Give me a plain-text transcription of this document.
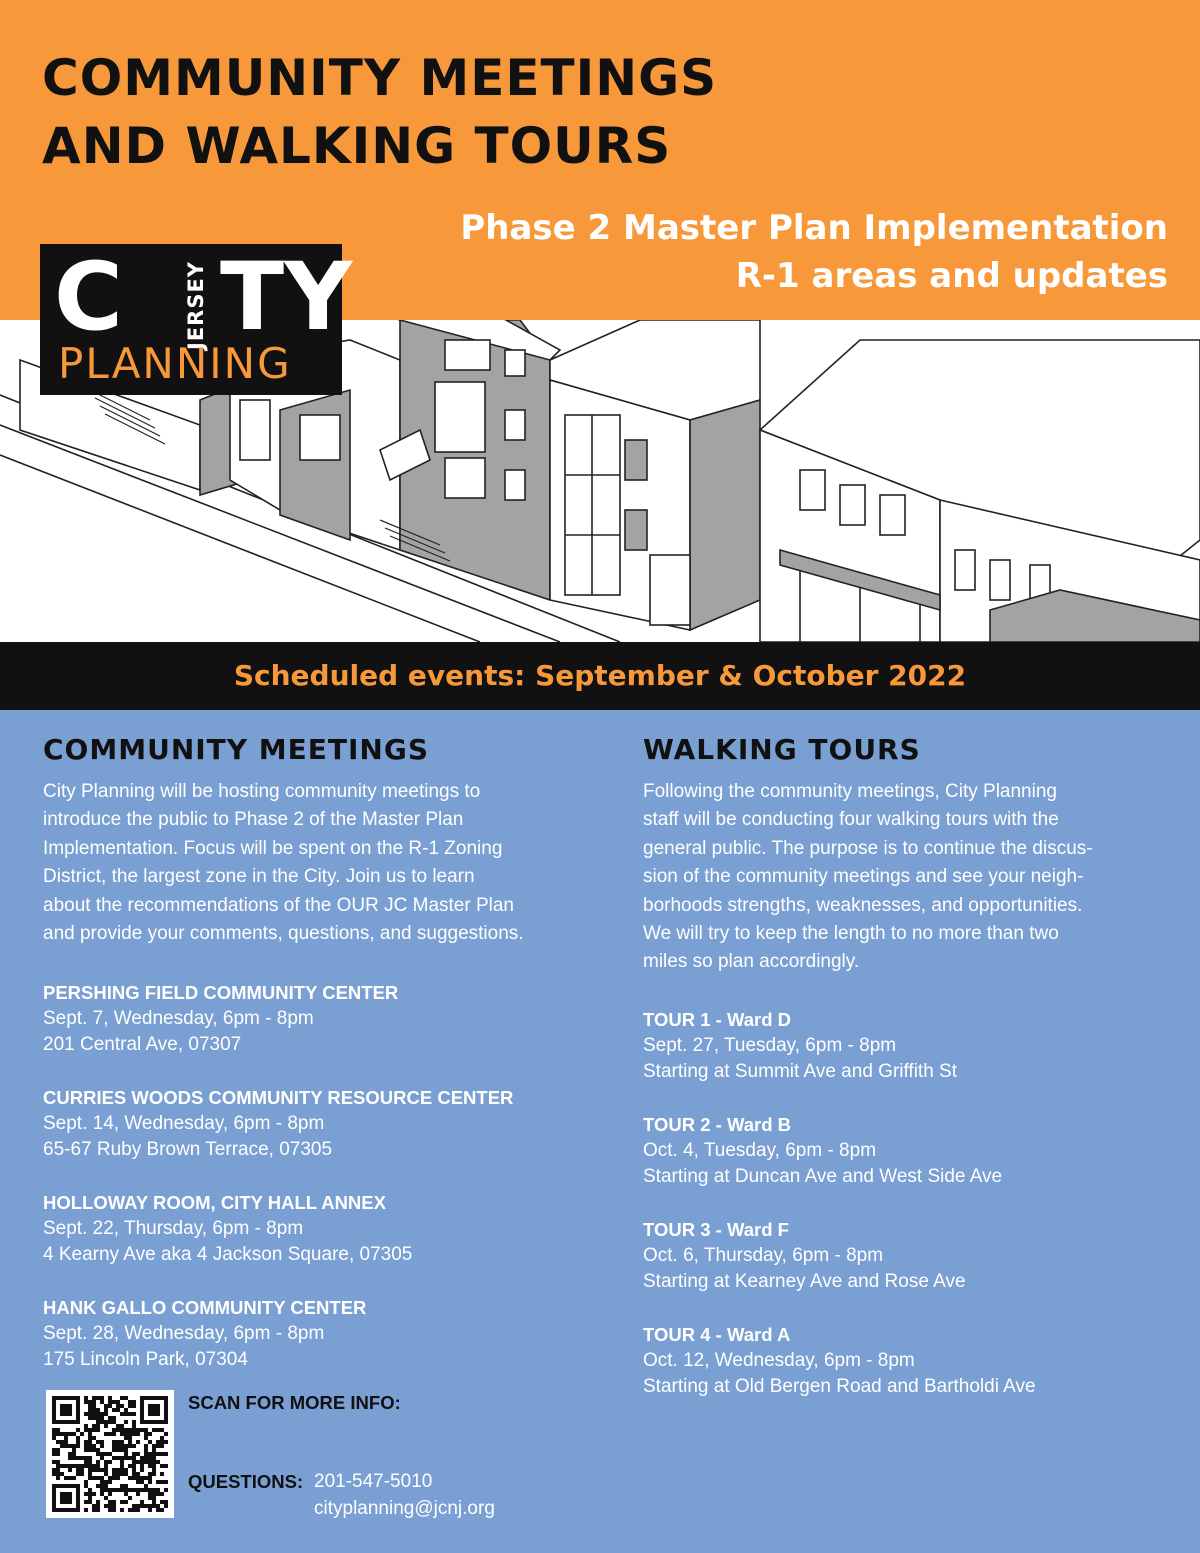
COMMUNITY MEETINGS
AND WALKING TOURS
Phase 2 Master Plan Implementation
R-1 areas and updates
C	JERSEY TY
PLANNING
Scheduled events: September & October 2022
COMMUNITY MEETINGS

City Planning will be hosting community meetings to
introduce the public to Phase 2 of the Master Plan
Implementation. Focus will be spent on the R-1 Zoning
District, the largest zone in the City. Join us to learn
about the recommendations of the OUR JC Master Plan
and provide your comments, questions, and suggestions.

PERSHING FIELD COMMUNITY CENTER
Sept. 7, Wednesday, 6pm - 8pm
201 Central Ave, 07307
CURRIES WOODS COMMUNITY RESOURCE CENTER
Sept. 14, Wednesday, 6pm - 8pm
65-67 Ruby Brown Terrace, 07305
HOLLOWAY ROOM, CITY HALL ANNEX
Sept. 22, Thursday, 6pm - 8pm
4 Kearny Ave aka 4 Jackson Square, 07305
HANK GALLO COMMUNITY CENTER
Sept. 28, Wednesday, 6pm - 8pm
175 Lincoln Park, 07304
WALKING TOURS

Following the community meetings, City Planning
staff will be conducting four walking tours with the
general public. The purpose is to continue the discus-
sion of the community meetings and see your neigh-
borhoods strengths, weaknesses, and opportunities.
We will try to keep the length to no more than two
miles so plan accordingly.

TOUR 1 - Ward D
Sept. 27, Tuesday, 6pm - 8pm
Starting at Summit Ave and Griffith St
TOUR 2 - Ward B
Oct. 4, Tuesday, 6pm - 8pm
Starting at Duncan Ave and West Side Ave
TOUR 3 - Ward F
Oct. 6, Thursday, 6pm - 8pm
Starting at Kearney Ave and Rose Ave
TOUR 4 - Ward A
Oct. 12, Wednesday, 6pm - 8pm
Starting at Old Bergen Road and Bartholdi Ave
SCAN FOR MORE INFO:
QUESTIONS: 201-547-5010
cityplanning@jcnj.org
